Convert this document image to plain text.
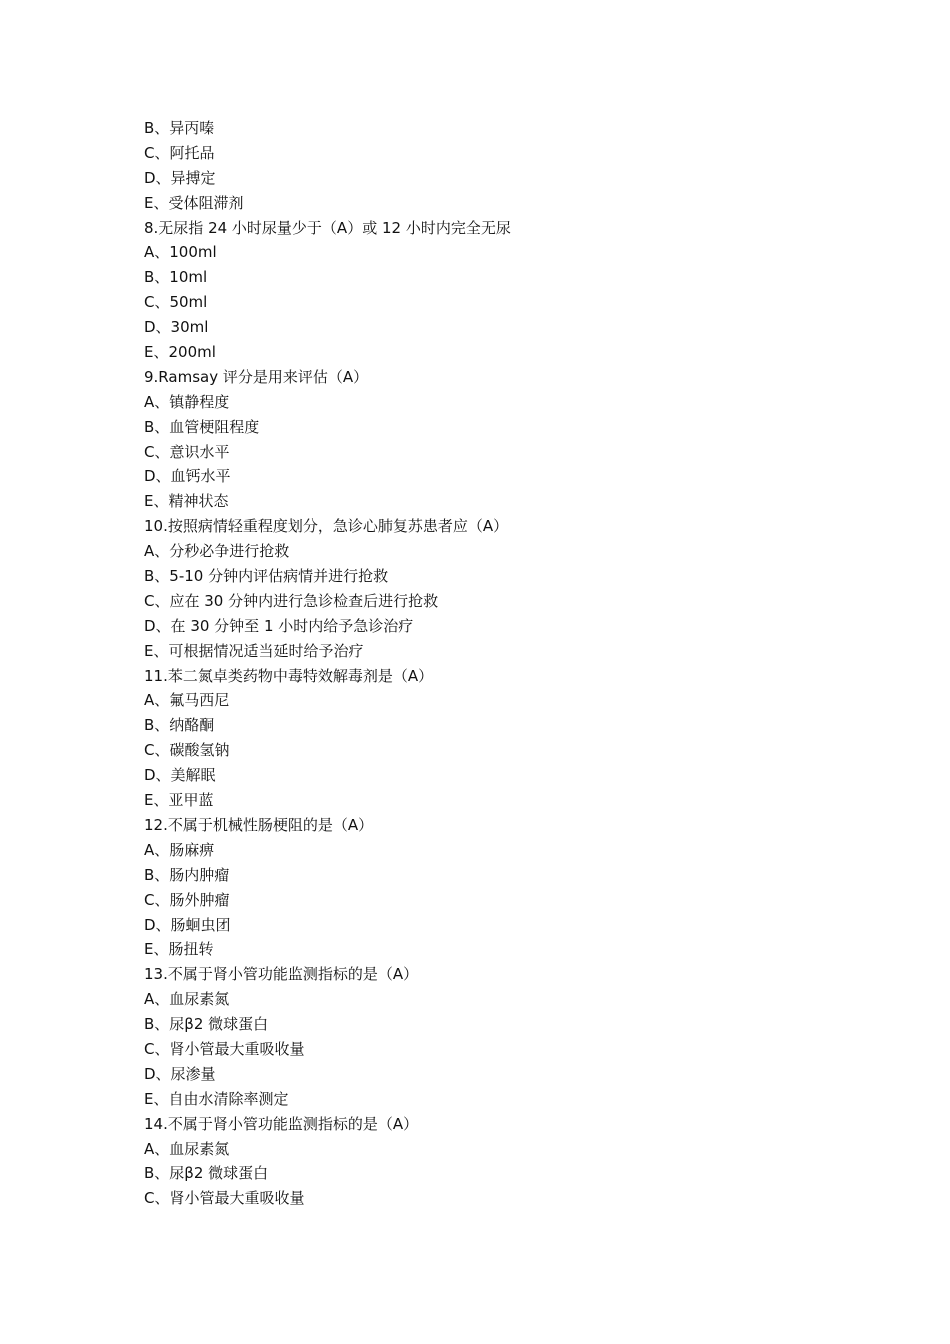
B、异丙嗪
C、阿托品
D、异搏定
E、受体阻滞剂
8.无尿指 24 小时尿量少于（A）或 12 小时内完全无尿
A、100ml
B、10ml
C、50ml
D、30ml
E、200ml
9.Ramsay 评分是用来评估（A）
A、镇静程度
B、血管梗阻程度
C、意识水平
D、血钙水平
E、精神状态
10.按照病情轻重程度划分，急诊心肺复苏患者应（A）
A、分秒必争进行抢救
B、5-10 分钟内评估病情并进行抢救
C、应在 30 分钟内进行急诊检查后进行抢救
D、在 30 分钟至 1 小时内给予急诊治疗
E、可根据情况适当延时给予治疗
11.苯二氮卓类药物中毒特效解毒剂是（A）
A、氟马西尼
B、纳酪酮
C、碳酸氢钠
D、美解眠
E、亚甲蓝
12.不属于机械性肠梗阻的是（A）
A、肠麻痹
B、肠内肿瘤
C、肠外肿瘤
D、肠蛔虫团
E、肠扭转
13.不属于肾小管功能监测指标的是（A）
A、血尿素氮
B、尿β2 微球蛋白
C、肾小管最大重吸收量
D、尿渗量
E、自由水清除率测定
14.不属于肾小管功能监测指标的是（A）
A、血尿素氮
B、尿β2 微球蛋白
C、肾小管最大重吸收量
